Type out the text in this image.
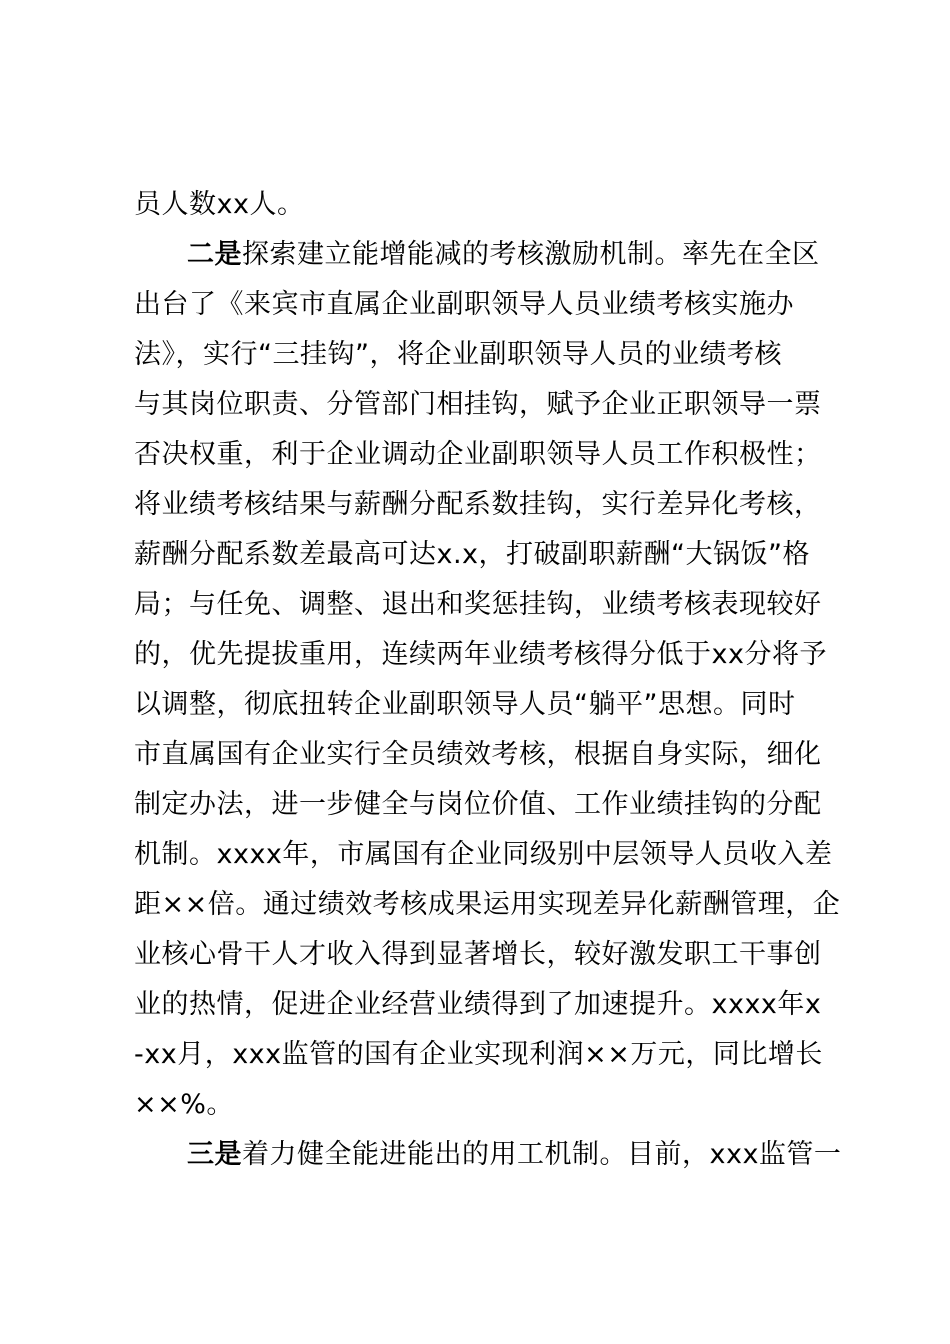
员人数xx人。
二是探索建立能增能减的考核激励机制。率先在全区
出台了《来宾市直属企业副职领导人员业绩考核实施办
法》，实行“三挂钩”，将企业副职领导人员的业绩考核
与其岗位职责、分管部门相挂钩，赋予企业正职领导一票
否决权重，利于企业调动企业副职领导人员工作积极性；
将业绩考核结果与薪酬分配系数挂钩，实行差异化考核，
薪酬分配系数差最高可达x.x，打破副职薪酬“大锅饭”格
局；与任免、调整、退出和奖惩挂钩，业绩考核表现较好
的，优先提拔重用，连续两年业绩考核得分低于xx分将予
以调整，彻底扭转企业副职领导人员“躺平”思想。同时
市直属国有企业实行全员绩效考核，根据自身实际，细化
制定办法，进一步健全与岗位价值、工作业绩挂钩的分配
机制。xxxx年，市属国有企业同级别中层领导人员收入差
距××倍。通过绩效考核成果运用实现差异化薪酬管理，企
业核心骨干人才收入得到显著增长，较好激发职工干事创
业的热情，促进企业经营业绩得到了加速提升。xxxx年x
-xx月，xxx监管的国有企业实现利润××万元，同比增长
××%。
三是着力健全能进能出的用工机制。目前，xxx监管一
